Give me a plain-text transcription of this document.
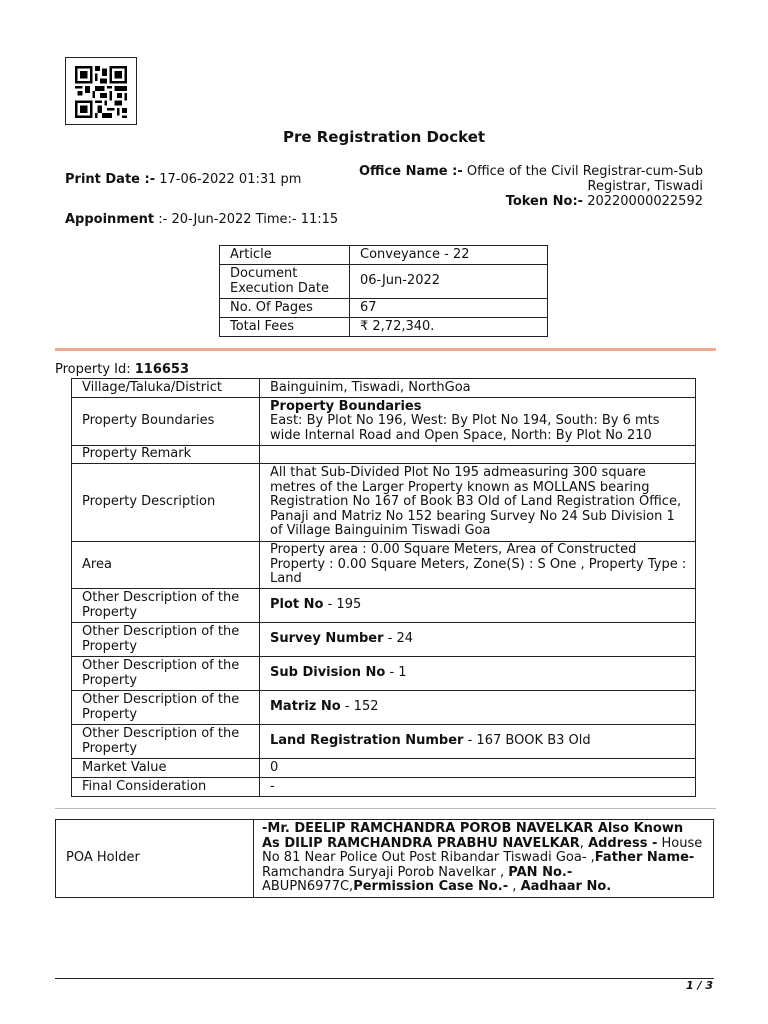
Pre Registration Docket
Print Date :- 17-06-2022 01:31 pm
Office Name :- Office of the Civil Registrar-cum-Sub Registrar, Tiswadi
Token No:- 20220000022592
Appoinment :- 20-Jun-2022 Time:- 11:15
Article	Conveyance - 22
Document Execution Date	06-Jun-2022
No. Of Pages	67
Total Fees	₹ 2,72,340.
Property Id: 116653
Village/Taluka/District	Bainguinim, Tiswadi, NorthGoa
Property Boundaries	Property Boundaries
East: By Plot No 196, West: By Plot No 194, South: By 6 mts wide Internal Road and Open Space, North: By Plot No 210

Property Remark	
Property Description	All that Sub-Divided Plot No 195 admeasuring 300 square metres of the Larger Property known as MOLLANS bearing Registration No 167 of Book B3 Old of Land Registration Office, Panaji and Matriz No 152 bearing Survey No 24 Sub Division 1 of Village Bainguinim Tiswadi Goa
Area	Property area : 0.00 Square Meters, Area of Constructed Property : 0.00 Square Meters, Zone(S) : S One , Property Type : Land
Other Description of the Property	Plot No - 195
Other Description of the Property	Survey Number - 24
Other Description of the Property	Sub Division No - 1
Other Description of the Property	Matriz No - 152
Other Description of the Property	Land Registration Number - 167 BOOK B3 Old
Market Value	0
Final Consideration	-
POA Holder	-Mr. DEELIP RAMCHANDRA POROB NAVELKAR Also Known As DILIP RAMCHANDRA PRABHU NAVELKAR, Address - House No 81 Near Police Out Post Ribandar Tiswadi Goa- ,Father Name- Ramchandra Suryaji Porob Navelkar , PAN No.- ABUPN6977C,Permission Case No.- , Aadhaar No.
1 / 3
